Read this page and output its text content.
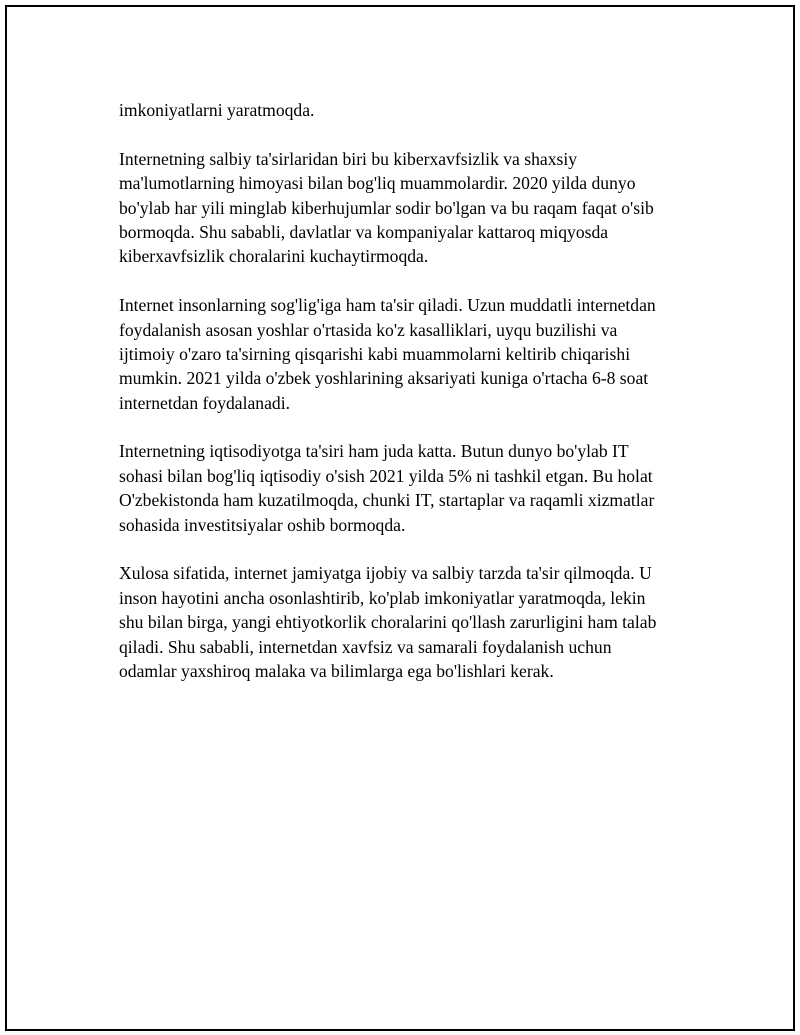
imkoniyatlarni yaratmoqda.

Internetning salbiy ta'sirlaridan biri bu kiberxavfsizlik va shaxsiy
ma'lumotlarning himoyasi bilan bog'liq muammolardir. 2020 yilda dunyo
bo'ylab har yili minglab kiberhujumlar sodir bo'lgan va bu raqam faqat o'sib
bormoqda. Shu sababli, davlatlar va kompaniyalar kattaroq miqyosda
kiberxavfsizlik choralarini kuchaytirmoqda.

Internet insonlarning sog'lig'iga ham ta'sir qiladi. Uzun muddatli internetdan
foydalanish asosan yoshlar o'rtasida ko'z kasalliklari, uyqu buzilishi va
ijtimoiy o'zaro ta'sirning qisqarishi kabi muammolarni keltirib chiqarishi
mumkin. 2021 yilda o'zbek yoshlarining aksariyati kuniga o'rtacha 6-8 soat
internetdan foydalanadi.

Internetning iqtisodiyotga ta'siri ham juda katta. Butun dunyo bo'ylab IT
sohasi bilan bog'liq iqtisodiy o'sish 2021 yilda 5% ni tashkil etgan. Bu holat
O'zbekistonda ham kuzatilmoqda, chunki IT, startaplar va raqamli xizmatlar
sohasida investitsiyalar oshib bormoqda.

Xulosa sifatida, internet jamiyatga ijobiy va salbiy tarzda ta'sir qilmoqda. U
inson hayotini ancha osonlashtirib, ko'plab imkoniyatlar yaratmoqda, lekin
shu bilan birga, yangi ehtiyotkorlik choralarini qo'llash zarurligini ham talab
qiladi. Shu sababli, internetdan xavfsiz va samarali foydalanish uchun
odamlar yaxshiroq malaka va bilimlarga ega bo'lishlari kerak.
